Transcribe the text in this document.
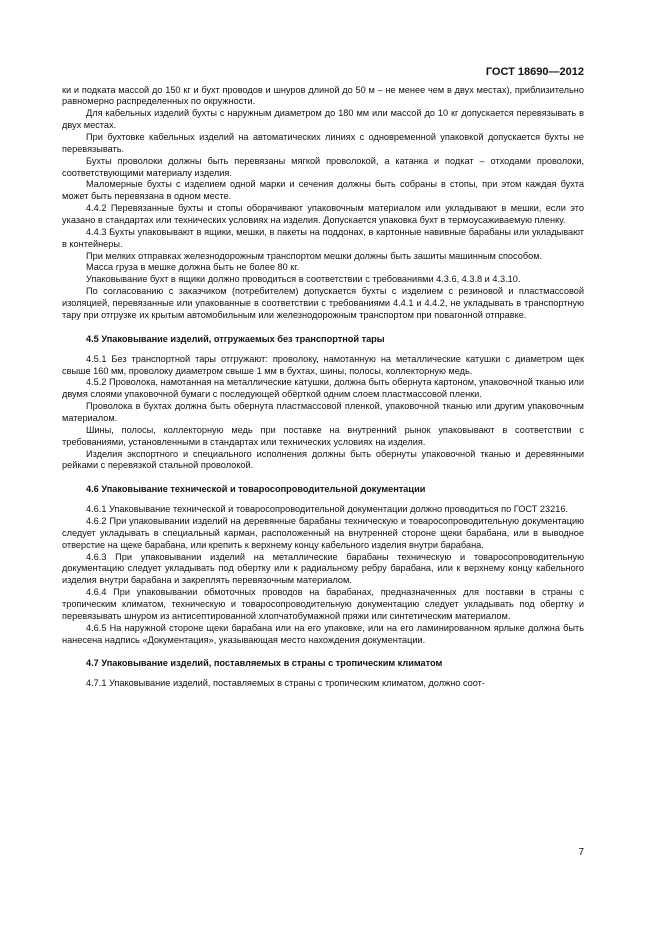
ГОСТ 18690—2012

ки и подката массой до 150 кг и бухт проводов и шнуров длиной до 50 м – не менее чем в двух местах), приблизительно равномерно распределенных по окружности.

Для кабельных изделий бухты с наружным диаметром до 180 мм или массой до 10 кг допускается перевязывать в двух местах.

При бухтовке кабельных изделий на автоматических линиях с одновременной упаковкой допускается бухты не перевязывать.

Бухты проволоки должны быть перевязаны мягкой проволокой, а катанка и подкат – отходами проволоки, соответствующими материалу изделия.

Маломерные бухты с изделием одной марки и сечения должны быть собраны в стопы, при этом каждая бухта может быть перевязана в одном месте.

4.4.2 Перевязанные бухты и стопы оборачивают упаковочным материалом или укладывают в мешки, если это указано в стандартах или технических условиях на изделия. Допускается упаковка бухт в термоусаживаемую пленку.

4.4.3 Бухты упаковывают в ящики, мешки, в пакеты на поддонах, в картонные навивные барабаны или укладывают в контейнеры.

При мелких отправках железнодорожным транспортом мешки должны быть зашиты машинным способом.

Масса груза в мешке должна быть не более 80 кг.

Упаковывание бухт в ящики должно проводиться в соответствии с требованиями 4.3.6, 4.3.8 и 4.3.10.

По согласованию с заказчиком (потребителем) допускается бухты с изделием с резиновой и пластмассовой изоляцией, перевязанные или упакованные в соответствии с требованиями 4.4.1 и 4.4.2, не укладывать в транспортную тару при отгрузке их крытым автомобильным или железнодорожным транспортом при повагонной отправке.

4.5 Упаковывание изделий, отгружаемых без транспортной тары

4.5.1 Без транспортной тары отгружают: проволоку, намотанную на металлические катушки с диаметром щек свыше 160 мм, проволоку диаметром свыше 1 мм в бухтах, шины, полосы, коллекторную медь.

4.5.2 Проволока, намотанная на металлические катушки, должна быть обернута картоном, упаковочной тканью или двумя слоями упаковочной бумаги с последующей обёрткой одним слоем пластмассовой пленки.

Проволока в бухтах должна быть обернута пластмассовой пленкой, упаковочной тканью или другим упаковочным материалом.

Шины, полосы, коллекторную медь при поставке на внутренний рынок упаковывают в соответствии с требованиями, установленными в стандартах или технических условиях на изделия.

Изделия экспортного и специального исполнения должны быть обернуты упаковочной тканью и деревянными рейками с перевязкой стальной проволокой.

4.6 Упаковывание технической и товаросопроводительной документации

4.6.1 Упаковывание технической и товаросопроводительной документации должно проводиться по ГОСТ 23216.

4.6.2 При упаковывании изделий на деревянные барабаны техническую и товаросопроводительную документацию следует укладывать в специальный карман, расположенный на внутренней стороне щеки барабана, или в выводное отверстие на щеке барабана, или крепить к верхнему концу кабельного изделия внутри барабана.

4.6.3 При упаковывании изделий на металлические барабаны техническую и товаросопроводительную документацию следует укладывать под обертку или к радиальному ребру барабана, или к верхнему концу кабельного изделия внутри барабана и закреплять перевязочным материалом.

4.6.4 При упаковывании обмоточных проводов на барабанах, предназначенных для поставки в страны с тропическим климатом, техническую и товаросопроводительную документацию следует укладывать под обертку и перевязывать шнуром из антисептированной хлопчатобумажной пряжи или синтетическим материалом.

4.6.5 На наружной стороне щеки барабана или на его упаковке, или на его ламинированном ярлыке должна быть нанесена надпись «Документация», указывающая место нахождения документации.

4.7 Упаковывание изделий, поставляемых в страны с тропическим климатом

4.7.1 Упаковывание изделий, поставляемых в страны с тропическим климатом, должно соот-

7
